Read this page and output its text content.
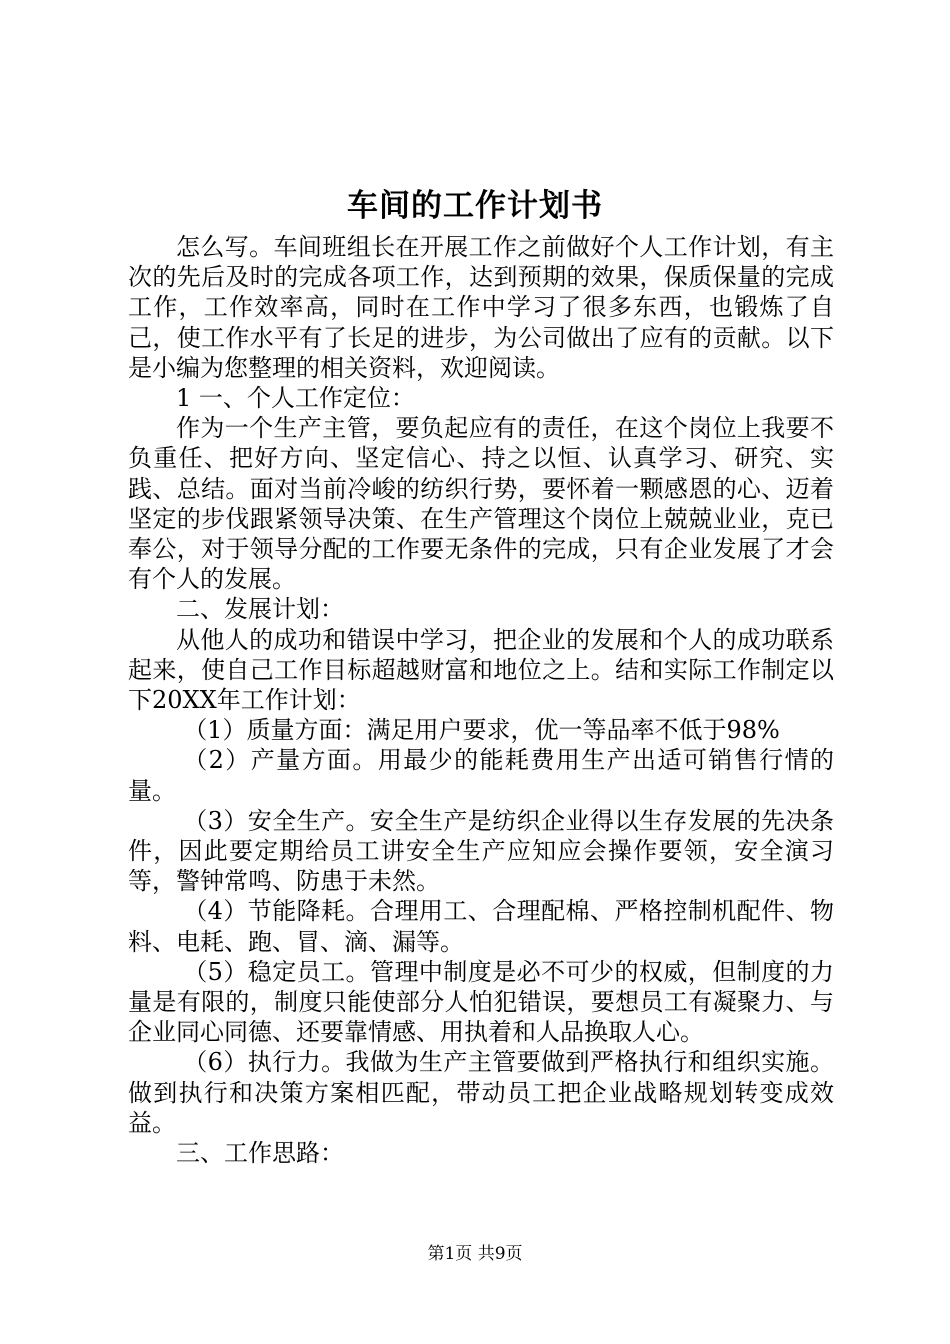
车间的工作计划书

怎么写。车间班组长在开展工作之前做好个人工作计划，有主次的先后及时的完成各项工作，达到预期的效果，保质保量的完成工作，工作效率高，同时在工作中学习了很多东西，也锻炼了自己，使工作水平有了长足的进步，为公司做出了应有的贡献。以下是小编为您整理的相关资料，欢迎阅读。

1 一、个人工作定位：

作为一个生产主管，要负起应有的责任，在这个岗位上我要不负重任、把好方向、坚定信心、持之以恒、认真学习、研究、实践、总结。面对当前冷峻的纺织行势，要怀着一颗感恩的心、迈着坚定的步伐跟紧领导决策、在生产管理这个岗位上兢兢业业，克已奉公，对于领导分配的工作要无条件的完成，只有企业发展了才会有个人的发展。

二、发展计划：

从他人的成功和错误中学习，把企业的发展和个人的成功联系起来，使自己工作目标超越财富和地位之上。结和实际工作制定以下20XX年工作计划：

（1）质量方面：满足用户要求，优一等品率不低于98%

（2）产量方面。用最少的能耗费用生产出适可销售行情的量。

（3）安全生产。安全生产是纺织企业得以生存发展的先决条件，因此要定期给员工讲安全生产应知应会操作要领，安全演习等，警钟常鸣、防患于未然。

（4）节能降耗。合理用工、合理配棉、严格控制机配件、物料、电耗、跑、冒、滴、漏等。

（5）稳定员工。管理中制度是必不可少的权威，但制度的力量是有限的，制度只能使部分人怕犯错误，要想员工有凝聚力、与企业同心同德、还要靠情感、用执着和人品换取人心。

（6）执行力。我做为生产主管要做到严格执行和组织实施。做到执行和决策方案相匹配，带动员工把企业战略规划转变成效益。

三、工作思路：

第1页 共9页
